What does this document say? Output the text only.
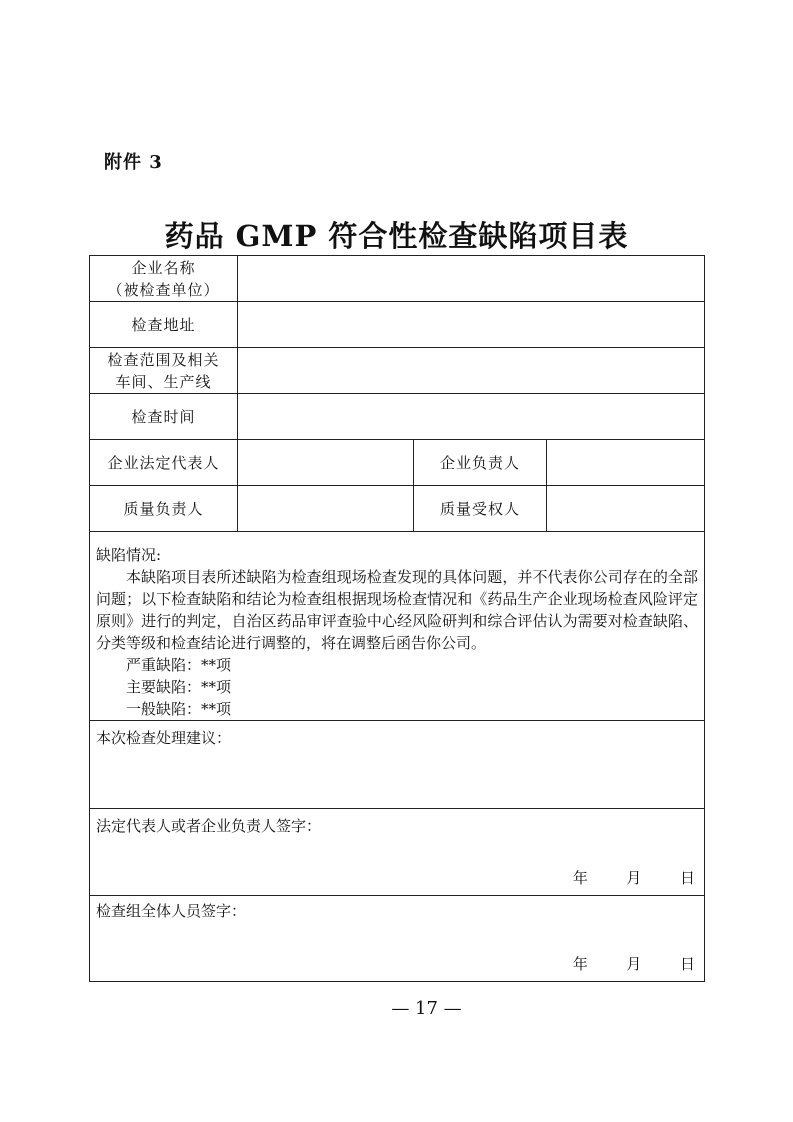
附件 3
药品 GMP 符合性检查缺陷项目表
企业名称
（被检查单位）
检查地址
检查范围及相关
车间、生产线
检查时间
企业法定代表人	企业负责人
质量负责人	质量受权人
缺陷情况:
本缺陷项目表所述缺陷为检查组现场检查发现的具体问题，并不代表你公司存在的全部问题；以下检查缺陷和结论为检查组根据现场检查情况和《药品生产企业现场检查风险评定原则》进行的判定，自治区药品审评查验中心经风险研判和综合评估认为需要对检查缺陷、分类等级和检查结论进行调整的，将在调整后函告你公司。
严重缺陷：**项
主要缺陷：**项
一般缺陷：**项
本次检查处理建议：
法定代表人或者企业负责人签字：
年	月	日
检查组全体人员签字：
年	月	日
— 17 —
